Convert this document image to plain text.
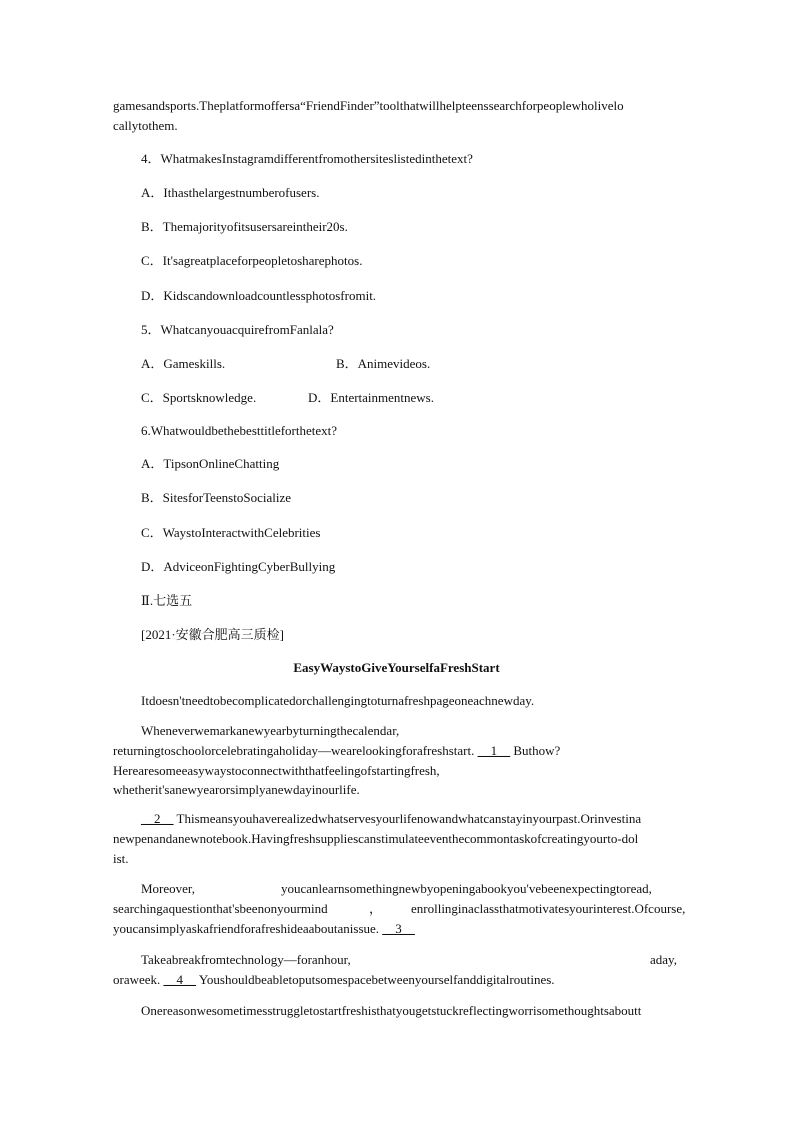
gamesandsports.Theplatformoffersa“FriendFinder”toolthatwillhelpteenssearchforpeoplewholivelo
callytothem.
4．WhatmakesInstagramdifferentfromothersiteslistedinthetext?
A．Ithasthelargestnumberofusers.
B．Themajorityofitsusersareintheir20s.
C．It'sagreatplaceforpeopletosharephotos.
D．Kidscandownloadcountlessphotosfromit.
5．WhatcanyouacquirefromFanlala?
A．Gameskills.	B．Animevideos.
C．Sportsknowledge.	D．Entertainmentnews.
6.Whatwouldbethebesttitleforthetext?
A．TipsonOnlineChatting
B．SitesforTeenstoSocialize
C．WaystoInteractwithCelebrities
D．AdviceonFightingCyberBullying
Ⅱ.七选五
[2021·安徽合肥高三质检]
EasyWaystoGiveYourselfaFreshStart
Itdoesn'tneedtobecomplicatedorchallengingtoturnafreshpageoneachnewday.
Wheneverwemarkanewyearbyturningthecalendar,
returningtoschoolorcelebratingaholiday—wearelookingforafreshstart. __1__ Buthow?
Herearesomeeasywaystoconnectwiththatfeelingofstartingfresh,
whetherit'sanewyearorsimplyanewdayinourlife.
__2__ Thismeansyouhaverealizedwhatservesyourlifenowandwhatcanstayinyourpast.Orinvestina
newpenandanewnotebook.Havingfreshsuppliescanstimulateeventhecommontaskofcreatingyourto-dol
ist.
Moreover,	youcanlearnsomethingnewbyopeningabookyou'vebeenexpectingtoread,
searchingaquestionthat'sbeenonyourmind	， enrollinginaclassthatmotivatesyourinterest.Ofcourse,
youcansimplyaskafriendforafreshideaaboutanissue. __3__
Takeabreakfromtechnology—foranhour,	aday,
oraweek. __4__ Youshouldbeabletoputsomespacebetweenyourselfanddigitalroutines.
Onereasonwesometimesstruggletostartfreshisthatyougetstuckreflectingworrisomethoughtsaboutt
